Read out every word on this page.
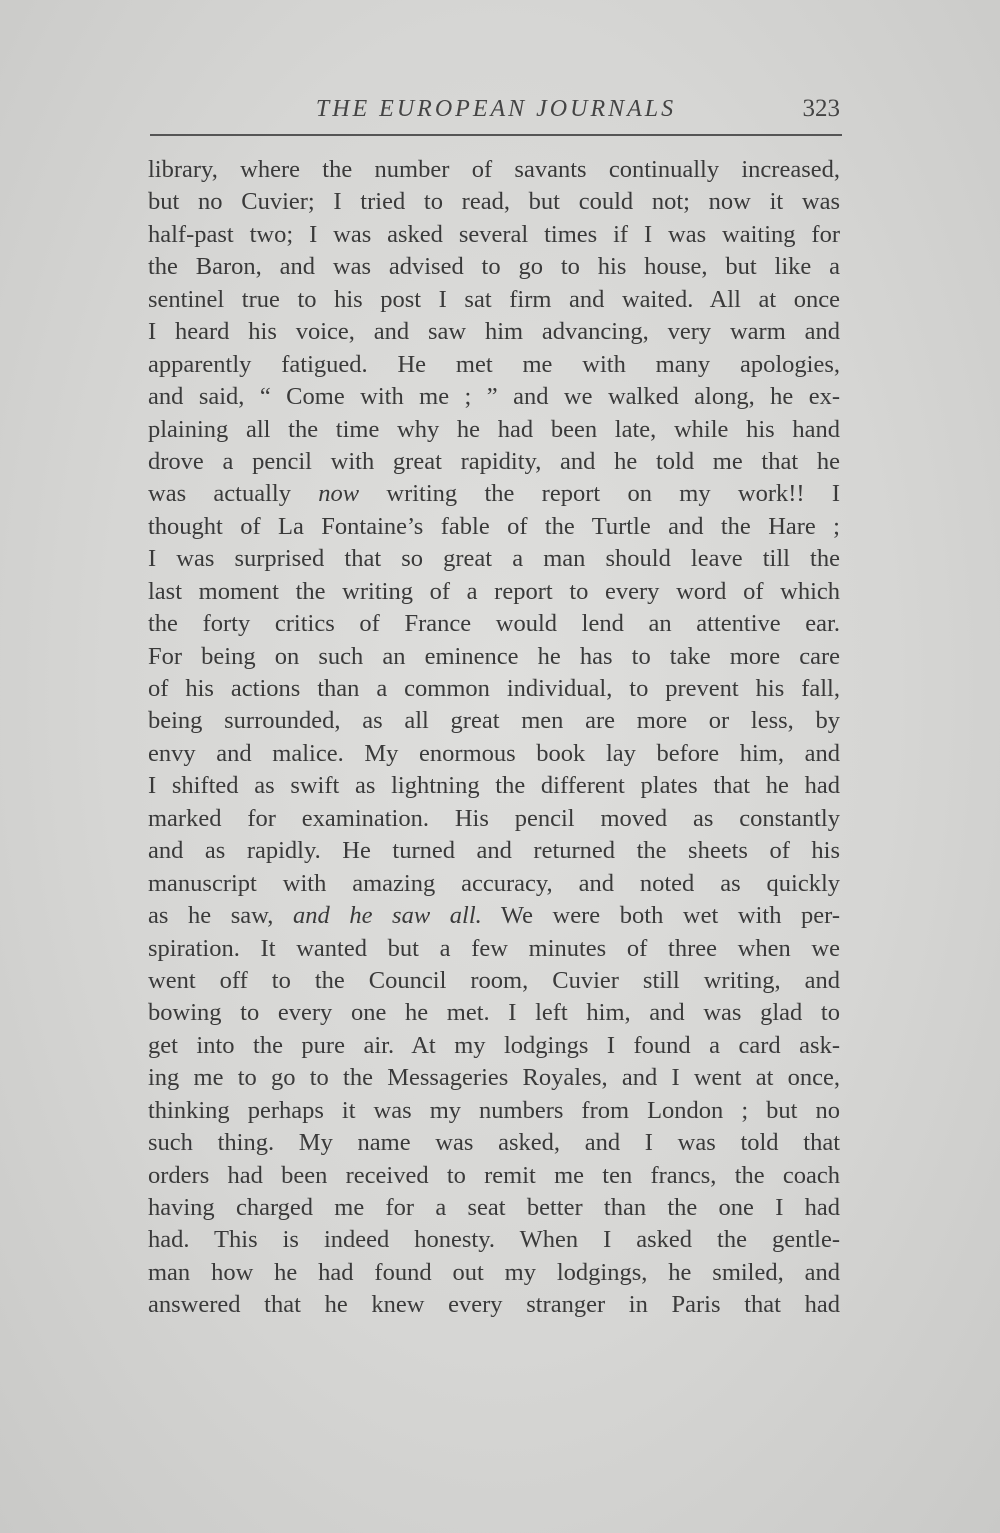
THE EUROPEAN JOURNALS	323
library, where the number of savants continually increased,
but no Cuvier; I tried to read, but could not; now it was
half-past two; I was asked several times if I was waiting for
the Baron, and was advised to go to his house, but like a
sentinel true to his post I sat firm and waited. All at once
I heard his voice, and saw him advancing, very warm and
apparently fatigued. He met me with many apologies,
and said, “ Come with me ; ” and we walked along, he ex-
plaining all the time why he had been late, while his hand
drove a pencil with great rapidity, and he told me that he
was actually now writing the report on my work!! I
thought of La Fontaine’s fable of the Turtle and the Hare ;
I was surprised that so great a man should leave till the
last moment the writing of a report to every word of which
the forty critics of France would lend an attentive ear.
For being on such an eminence he has to take more care
of his actions than a common individual, to prevent his fall,
being surrounded, as all great men are more or less, by
envy and malice. My enormous book lay before him, and
I shifted as swift as lightning the different plates that he had
marked for examination. His pencil moved as constantly
and as rapidly. He turned and returned the sheets of his
manuscript with amazing accuracy, and noted as quickly
as he saw, and he saw all. We were both wet with per-
spiration. It wanted but a few minutes of three when we
went off to the Council room, Cuvier still writing, and
bowing to every one he met. I left him, and was glad to
get into the pure air. At my lodgings I found a card ask-
ing me to go to the Messageries Royales, and I went at once,
thinking perhaps it was my numbers from London ; but no
such thing. My name was asked, and I was told that
orders had been received to remit me ten francs, the coach
having charged me for a seat better than the one I had
had. This is indeed honesty. When I asked the gentle-
man how he had found out my lodgings, he smiled, and
answered that he knew every stranger in Paris that had
